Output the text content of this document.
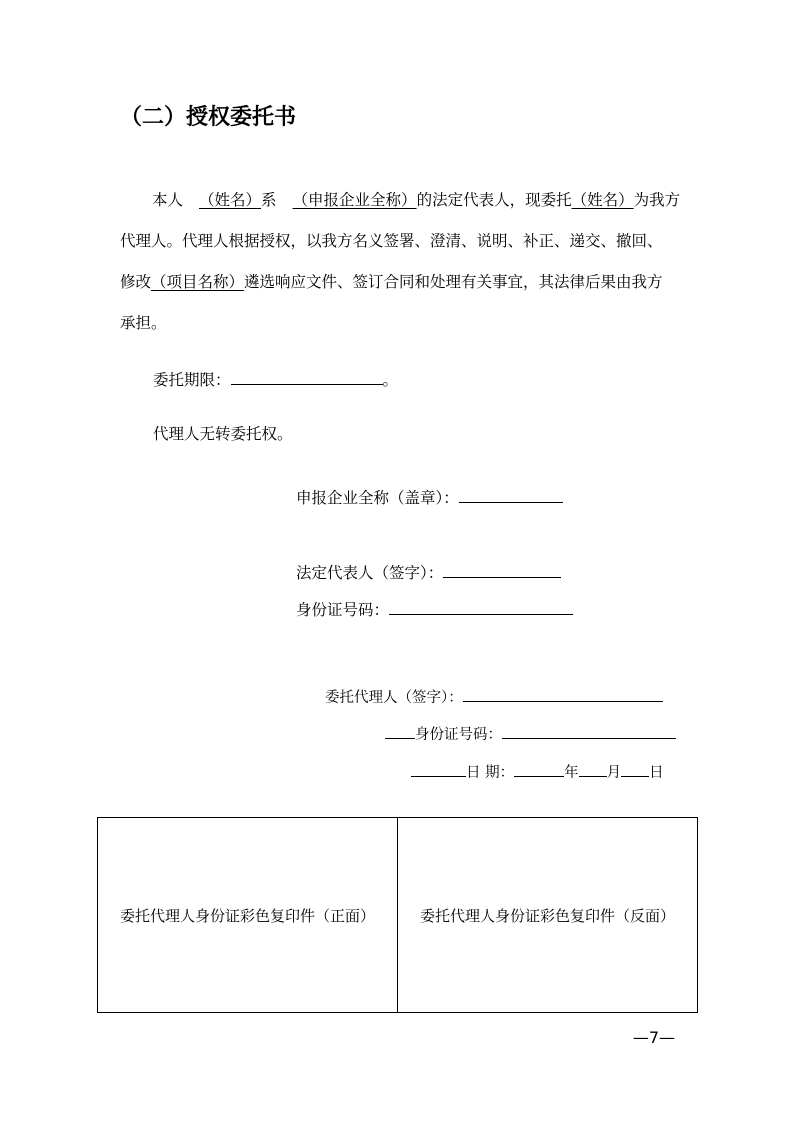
（二）授权委托书
本人 （姓名）系 （申报企业全称）的法定代表人，现委托（姓名）为我方
代理人。代理人根据授权，以我方名义签署、澄清、说明、补正、递交、撤回、
修改（项目名称）遴选响应文件、签订合同和处理有关事宜，其法律后果由我方
承担。
委托期限：	。
代理人无转委托权。
申报企业全称（盖章）：
法定代表人（签字）：
身份证号码：
委托代理人（签字）：
身份证号码：
日 期：	年 月 日
委托代理人身份证彩色复印件（正面）	委托代理人身份证彩色复印件（反面）
—7—
